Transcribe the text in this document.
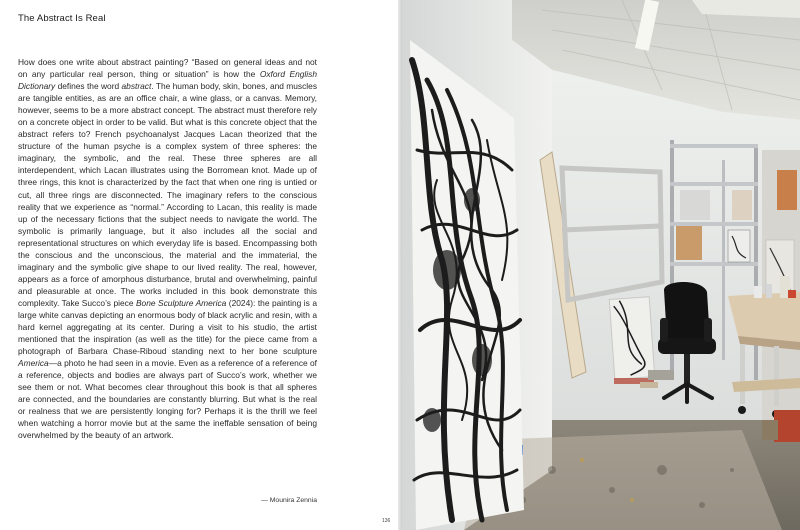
The Abstract Is Real

How does one write about abstract painting? “Based on general ideas and not on any particular real person, thing or situation” is how the Oxford English Dictionary defines the word abstract. The human body, skin, bones, and muscles are tangible entities, as are an office chair, a wine glass, or a canvas. Memory, however, seems to be a more abstract concept. The abstract must therefore rely on a concrete object in order to be valid. But what is this concrete object that the abstract refers to? French psychoanalyst Jacques Lacan theorized that the structure of the human psyche is a complex system of three spheres: the imaginary, the symbolic, and the real. These three spheres are all interdependent, which Lacan illustrates using the Borromean knot. Made up of three rings, this knot is characterized by the fact that when one ring is untied or cut, all three rings are disconnected. The imaginary refers to the conscious reality that we experience as “normal.” According to Lacan, this reality is made up of the necessary fictions that the subject needs to navigate the world. The symbolic is primarily language, but it also includes all the social and representational structures on which everyday life is based. Encompassing both the conscious and the unconscious, the material and the immaterial, the imaginary and the symbolic give shape to our lived reality. The real, however, appears as a force of amorphous disturbance, brutal and overwhelming, painful and pleasurable at once. The works included in this book demonstrate this complexity. Take Succo’s piece Bone Sculpture America (2024): the painting is a large white canvas depicting an enormous body of black acrylic and resin, with a hard kernel aggregating at its center. During a visit to his studio, the artist mentioned that the inspiration (as well as the title) for the piece came from a photograph of Barbara Chase-Riboud standing next to her bone sculpture America—a photo he had seen in a movie. Even as a reference of a reference of a reference, objects and bodies are always part of Succo’s work, whether we see them or not. What becomes clear throughout this book is that all spheres are connected, and the boundaries are constantly blurring. But what is the real or realness that we are persistently longing for? Perhaps it is the thrill we feel when watching a horror movie but at the same the ineffable sensation of being overwhelmed by the beauty of an artwork.

— Mounira Zennia
136
